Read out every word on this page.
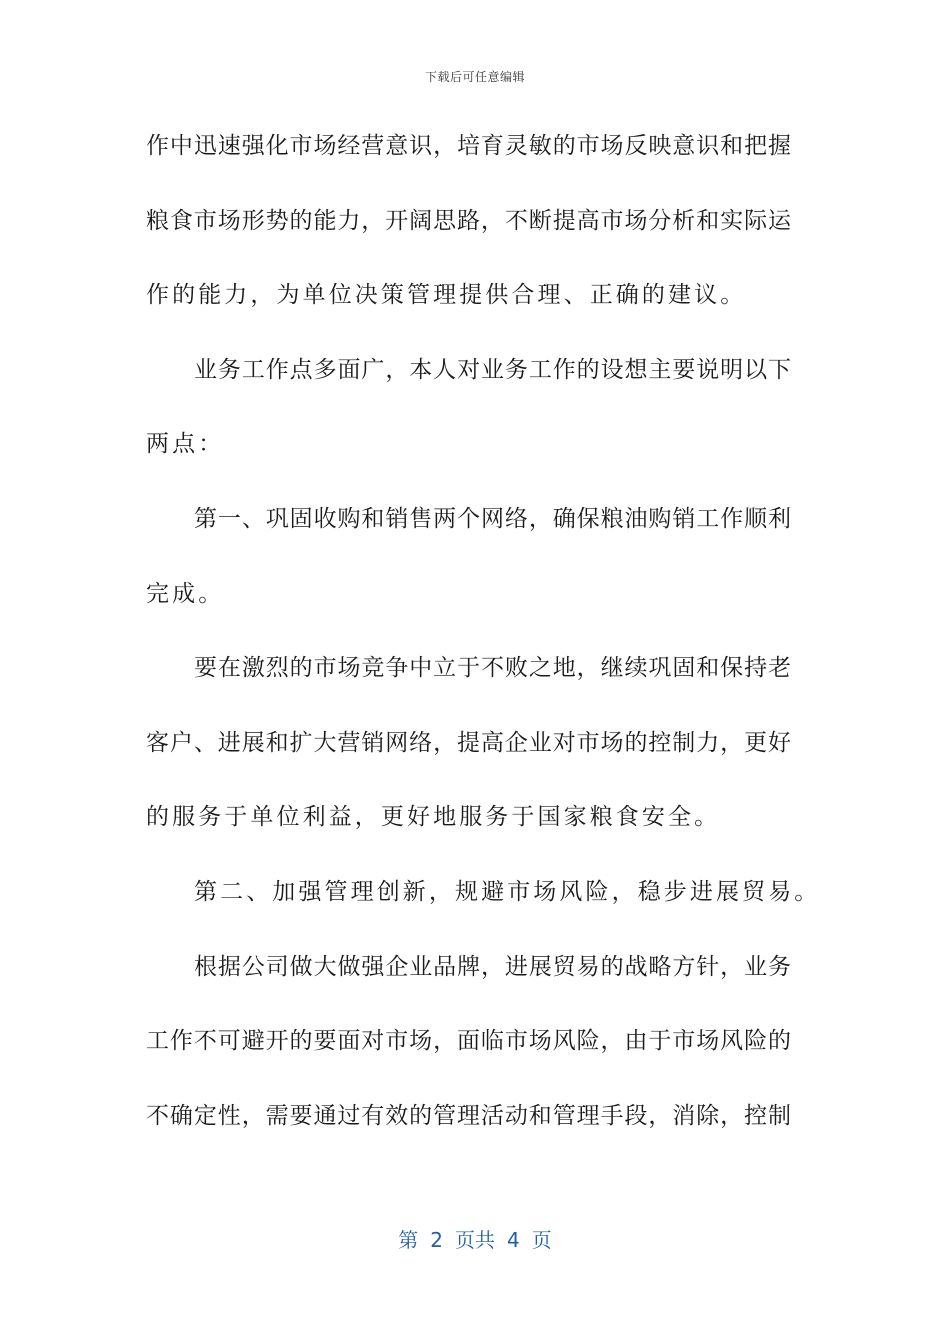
下载后可任意编辑
作中迅速强化市场经营意识，培育灵敏的市场反映意识和把握
粮食市场形势的能力，开阔思路，不断提高市场分析和实际运
作的能力，为单位决策管理提供合理、正确的建议。
业务工作点多面广，本人对业务工作的设想主要说明以下
两点：
第一、巩固收购和销售两个网络，确保粮油购销工作顺利
完成。
要在激烈的市场竞争中立于不败之地，继续巩固和保持老
客户、进展和扩大营销网络，提高企业对市场的控制力，更好
的服务于单位利益，更好地服务于国家粮食安全。
第二、加强管理创新，规避市场风险，稳步进展贸易。
根据公司做大做强企业品牌，进展贸易的战略方针，业务
工作不可避开的要面对市场，面临市场风险，由于市场风险的
不确定性，需要通过有效的管理活动和管理手段，消除，控制
第 2 页共 4 页
